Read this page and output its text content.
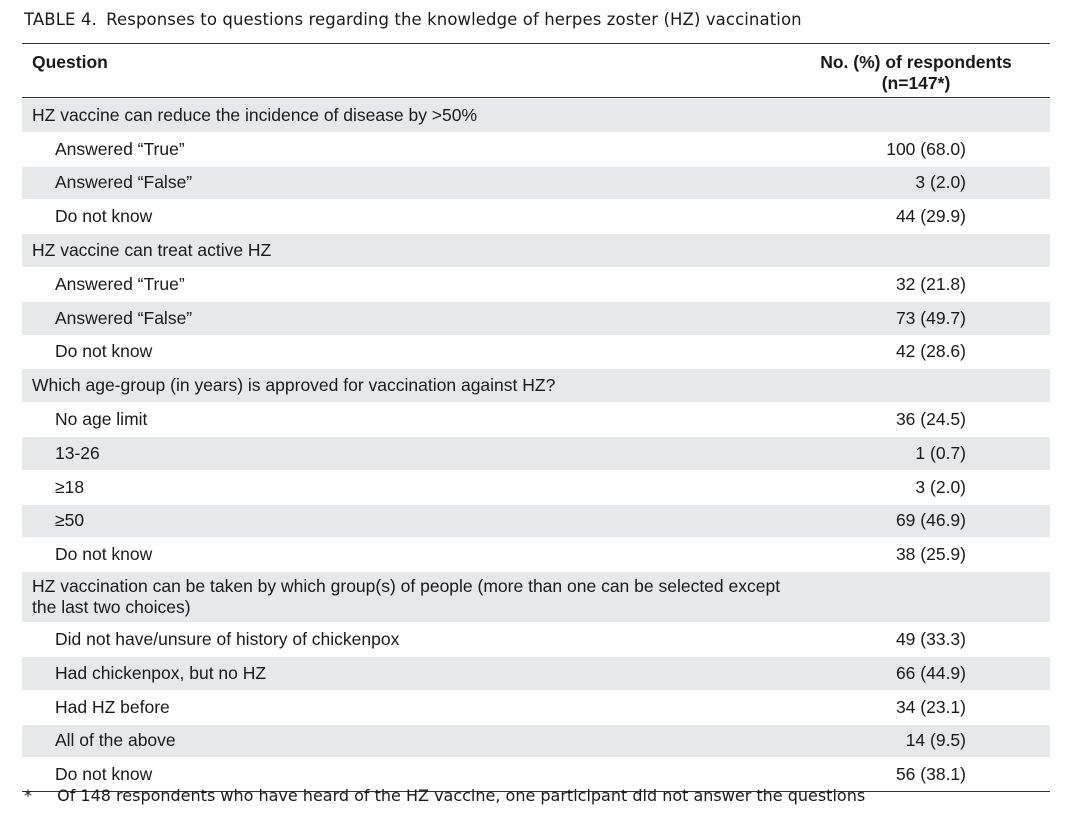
TABLE 4. Responses to questions regarding the knowledge of herpes zoster (HZ) vaccination
Question	No. (%) of respondents
(n=147*)
HZ vaccine can reduce the incidence of disease by >50%
Answered “True”	100 (68.0)
Answered “False”	3 (2.0)
Do not know	44 (29.9)
HZ vaccine can treat active HZ
Answered “True”	32 (21.8)
Answered “False”	73 (49.7)
Do not know	42 (28.6)
Which age-group (in years) is approved for vaccination against HZ?
No age limit	36 (24.5)
13-26	1 (0.7)
≥18	3 (2.0)
≥50	69 (46.9)
Do not know	38 (25.9)
HZ vaccination can be taken by which group(s) of people (more than one can be selected except the last two choices)
Did not have/unsure of history of chickenpox	49 (33.3)
Had chickenpox, but no HZ	66 (44.9)
Had HZ before	34 (23.1)
All of the above	14 (9.5)
Do not know	56 (38.1)
* Of 148 respondents who have heard of the HZ vaccine, one participant did not answer the questions
